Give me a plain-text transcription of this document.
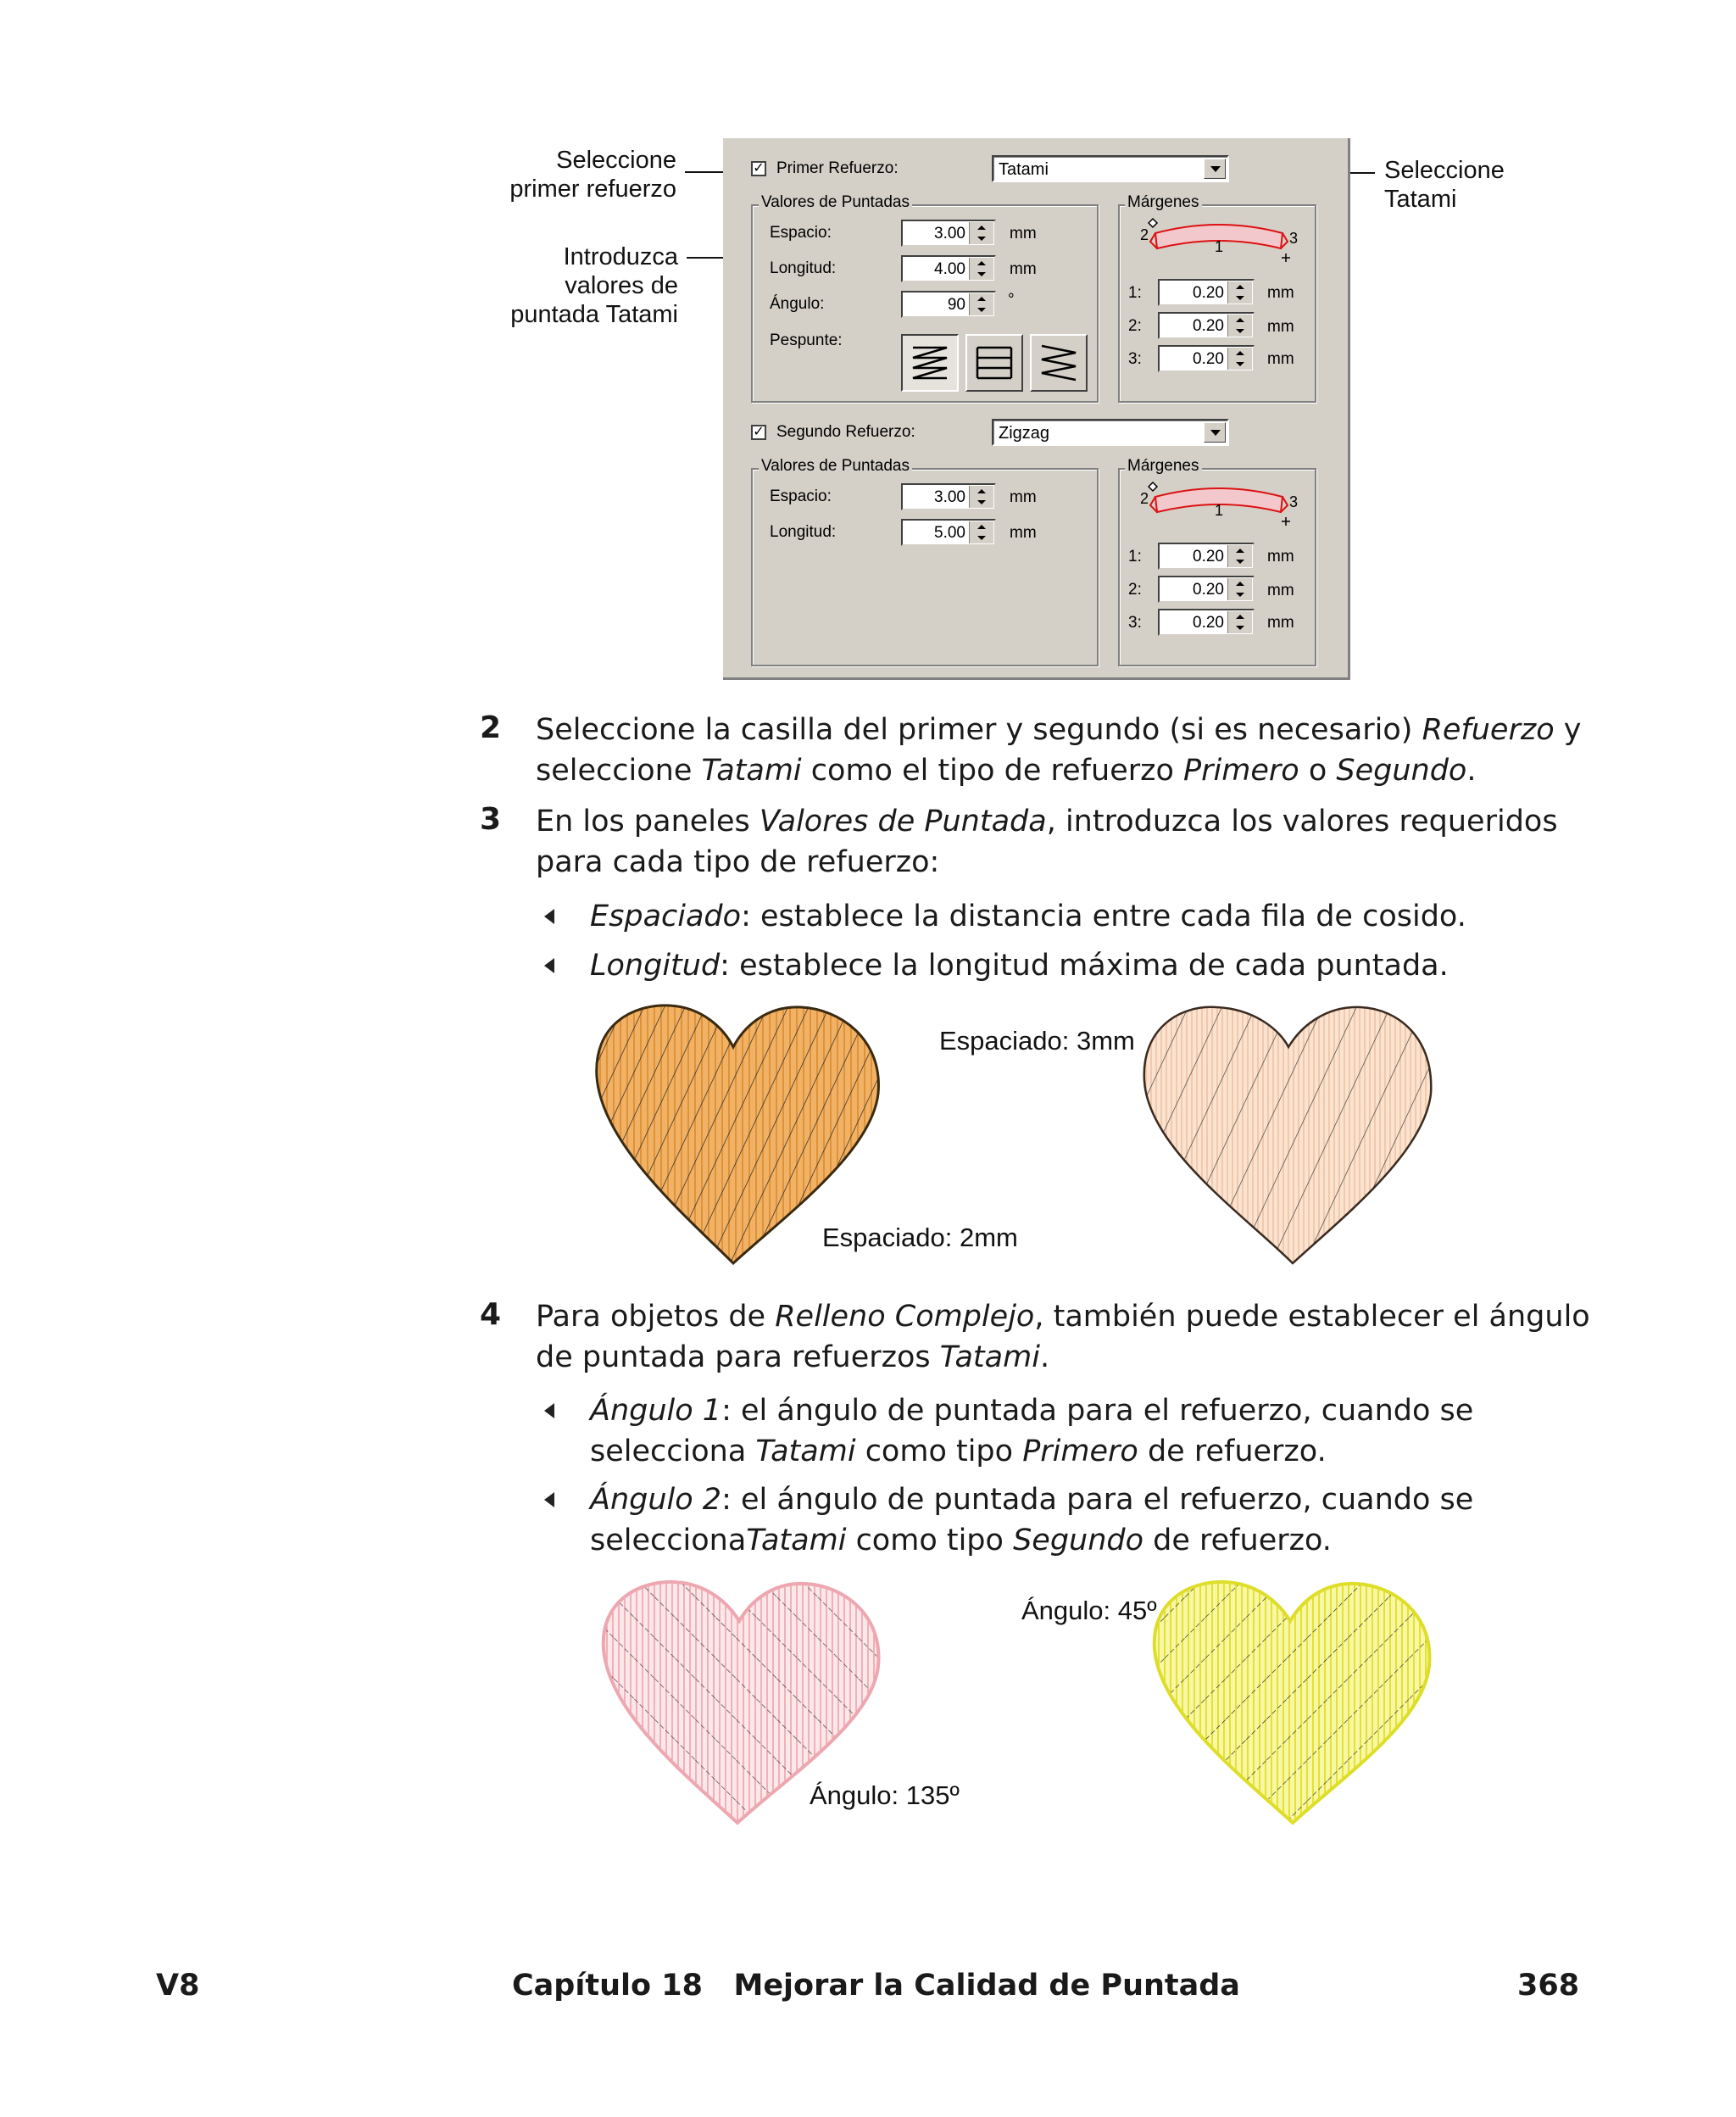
Seleccione
primer refuerzo
Introduzca
valores de
puntada Tatami
Seleccione
Tatami
✓ Primer Refuerzo:	Tatami
Valores de Puntadas
Espacio:	3.00	mm
Longitud:	4.00	mm
Ángulo:	90	°
Pespunte:
Márgenes
2
1	3
1:	0.20	mm
2:	0.20	mm
3:	0.20	mm
✓ Segundo Refuerzo:	Zigzag
Valores de Puntadas
Espacio:	3.00	mm
Longitud:	5.00	mm
Márgenes
2
1	3
1:	0.20	mm
2:	0.20	mm
3:	0.20	mm
2 Seleccione la casilla del primer y segundo (si es necesario) Refuerzo y
seleccione Tatami como el tipo de refuerzo Primero o Segundo.
3 En los paneles Valores de Puntada, introduzca los valores requeridos
para cada tipo de refuerzo:
Espaciado: establece la distancia entre cada fila de cosido.
Longitud: establece la longitud máxima de cada puntada.
Espaciado: 3mm
Espaciado: 2mm
4 Para objetos de Relleno Complejo, también puede establecer el ángulo
de puntada para refuerzos Tatami.
Ángulo 1: el ángulo de puntada para el refuerzo, cuando se
selecciona Tatami como tipo Primero de refuerzo.
Ángulo 2: el ángulo de puntada para el refuerzo, cuando se
seleccionaTatami como tipo Segundo de refuerzo.
Ángulo: 45º
Ángulo: 135º
V8	Capítulo 18   Mejorar la Calidad de Puntada	368
